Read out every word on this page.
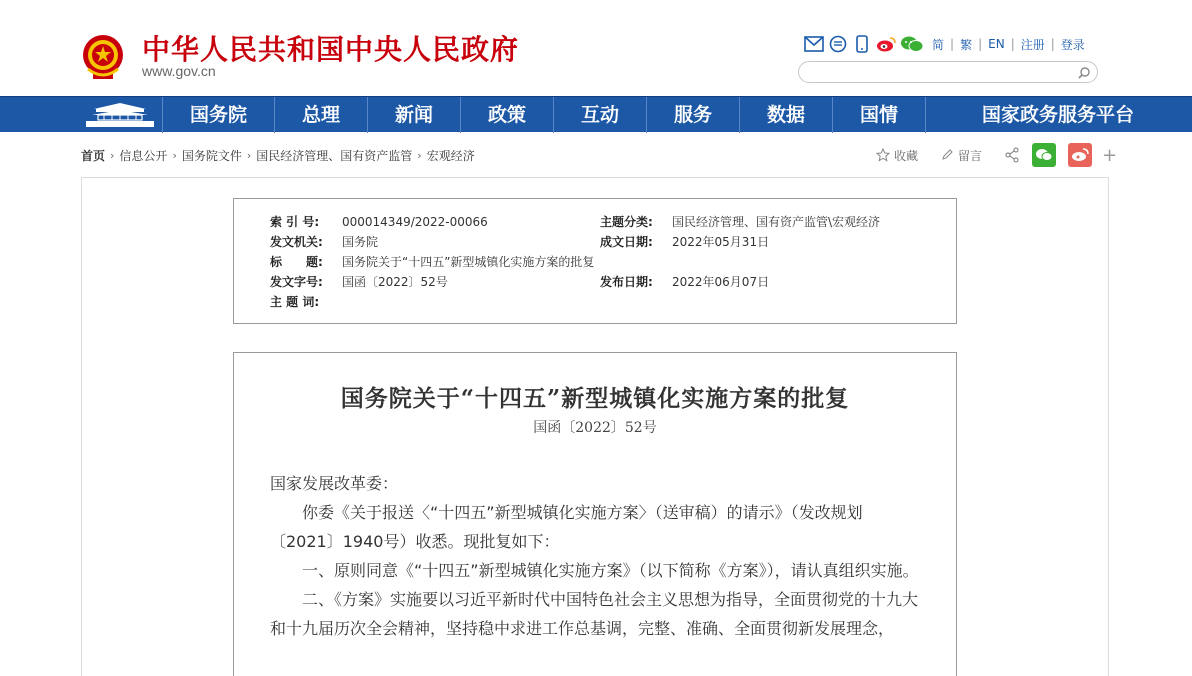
中华人民共和国中央人民政府
www.gov.cn
简 | 繁 | EN | 注册 | 登录
国务院	总理	新闻	政策	互动	服务	数据	国情	国家政务服务平台
首页 › 信息公开 › 国务院文件 › 国民经济管理、国有资产监管 › 宏观经济	收藏	留言	+
索 引 号: 000014349/2022-00066	主题分类: 国民经济管理、国有资产监管\宏观经济
发文机关: 国务院	成文日期: 2022年05月31日
标　　题: 国务院关于“十四五”新型城镇化实施方案的批复
发文字号: 国函〔2022〕52号	发布日期: 2022年06月07日
主 题 词:
国务院关于“十四五”新型城镇化实施方案的批复
国函〔2022〕52号

国家发展改革委：

你委《关于报送〈“十四五”新型城镇化实施方案〉（送审稿）的请示》（发改规划〔2021〕1940号）收悉。现批复如下：

一、原则同意《“十四五”新型城镇化实施方案》（以下简称《方案》），请认真组织实施。

二、《方案》实施要以习近平新时代中国特色社会主义思想为指导，全面贯彻党的十九大和十九届历次全会精神，坚持稳中求进工作总基调，完整、准确、全面贯彻新发展理念，
